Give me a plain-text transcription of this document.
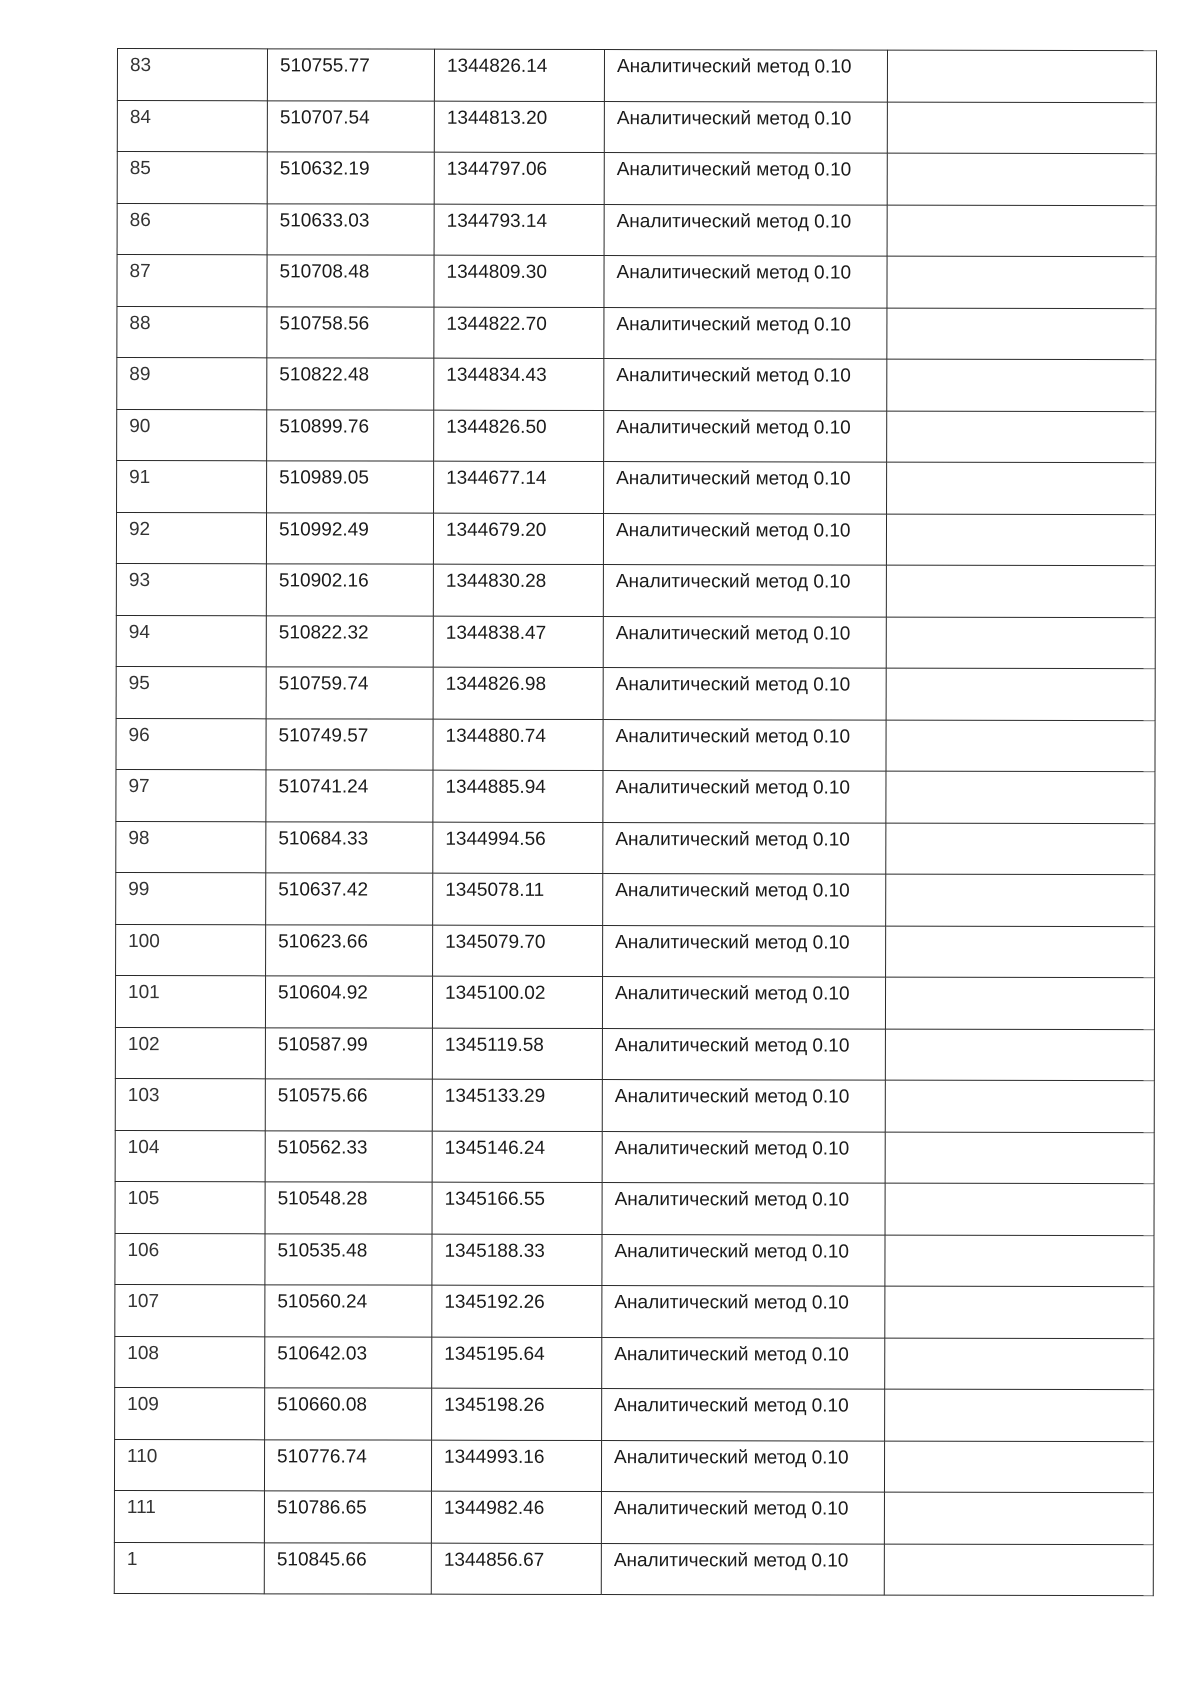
83	510755.77	1344826.14	Аналитический метод 0.10	
84	510707.54	1344813.20	Аналитический метод 0.10	
85	510632.19	1344797.06	Аналитический метод 0.10	
86	510633.03	1344793.14	Аналитический метод 0.10	
87	510708.48	1344809.30	Аналитический метод 0.10	
88	510758.56	1344822.70	Аналитический метод 0.10	
89	510822.48	1344834.43	Аналитический метод 0.10	
90	510899.76	1344826.50	Аналитический метод 0.10	
91	510989.05	1344677.14	Аналитический метод 0.10	
92	510992.49	1344679.20	Аналитический метод 0.10	
93	510902.16	1344830.28	Аналитический метод 0.10	
94	510822.32	1344838.47	Аналитический метод 0.10	
95	510759.74	1344826.98	Аналитический метод 0.10	
96	510749.57	1344880.74	Аналитический метод 0.10	
97	510741.24	1344885.94	Аналитический метод 0.10	
98	510684.33	1344994.56	Аналитический метод 0.10	
99	510637.42	1345078.11	Аналитический метод 0.10	
100	510623.66	1345079.70	Аналитический метод 0.10	
101	510604.92	1345100.02	Аналитический метод 0.10	
102	510587.99	1345119.58	Аналитический метод 0.10	
103	510575.66	1345133.29	Аналитический метод 0.10	
104	510562.33	1345146.24	Аналитический метод 0.10	
105	510548.28	1345166.55	Аналитический метод 0.10	
106	510535.48	1345188.33	Аналитический метод 0.10	
107	510560.24	1345192.26	Аналитический метод 0.10	
108	510642.03	1345195.64	Аналитический метод 0.10	
109	510660.08	1345198.26	Аналитический метод 0.10	
110	510776.74	1344993.16	Аналитический метод 0.10	
111	510786.65	1344982.46	Аналитический метод 0.10	
1	510845.66	1344856.67	Аналитический метод 0.10	
